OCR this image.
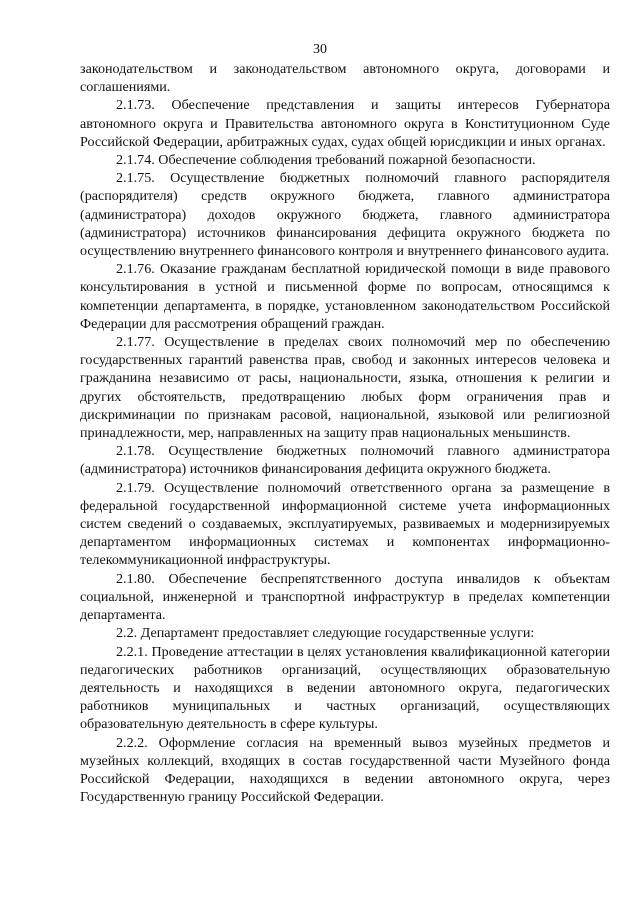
30

законодательством и законодательством автономного округа, договорами и соглашениями.

2.1.73. Обеспечение представления и защиты интересов Губернатора автономного округа и Правительства автономного округа в Конституционном Суде Российской Федерации, арбитражных судах, судах общей юрисдикции и иных органах.

2.1.74. Обеспечение соблюдения требований пожарной безопасности.

2.1.75. Осуществление бюджетных полномочий главного распорядителя (распорядителя) средств окружного бюджета, главного администратора (администратора) доходов окружного бюджета, главного администратора (администратора) источников финансирования дефицита окружного бюджета по осуществлению внутреннего финансового контроля и внутреннего финансового аудита.

2.1.76. Оказание гражданам бесплатной юридической помощи в виде правового консультирования в устной и письменной форме по вопросам, относящимся к компетенции департамента, в порядке, установленном законодательством Российской Федерации для рассмотрения обращений граждан.

2.1.77. Осуществление в пределах своих полномочий мер по обеспечению государственных гарантий равенства прав, свобод и законных интересов человека и гражданина независимо от расы, национальности, языка, отношения к религии и других обстоятельств, предотвращению любых форм ограничения прав и дискриминации по признакам расовой, национальной, языковой или религиозной принадлежности, мер, направленных на защиту прав национальных меньшинств.

2.1.78. Осуществление бюджетных полномочий главного администратора (администратора) источников финансирования дефицита окружного бюджета.

2.1.79. Осуществление полномочий ответственного органа за размещение в федеральной государственной информационной системе учета информационных систем сведений о создаваемых, эксплуатируемых, развиваемых и модернизируемых департаментом информационных системах и компонентах информационно-телекоммуникационной инфраструктуры.

2.1.80. Обеспечение беспрепятственного доступа инвалидов к объектам социальной, инженерной и транспортной инфраструктур в пределах компетенции департамента.

2.2. Департамент предоставляет следующие государственные услуги:

2.2.1. Проведение аттестации в целях установления квалификационной категории педагогических работников организаций, осуществляющих образовательную деятельность и находящихся в ведении автономного округа, педагогических работников муниципальных и частных организаций, осуществляющих образовательную деятельность в сфере культуры.

2.2.2. Оформление согласия на временный вывоз музейных предметов и музейных коллекций, входящих в состав государственной части Музейного фонда Российской Федерации, находящихся в ведении автономного округа, через Государственную границу Российской Федерации.
